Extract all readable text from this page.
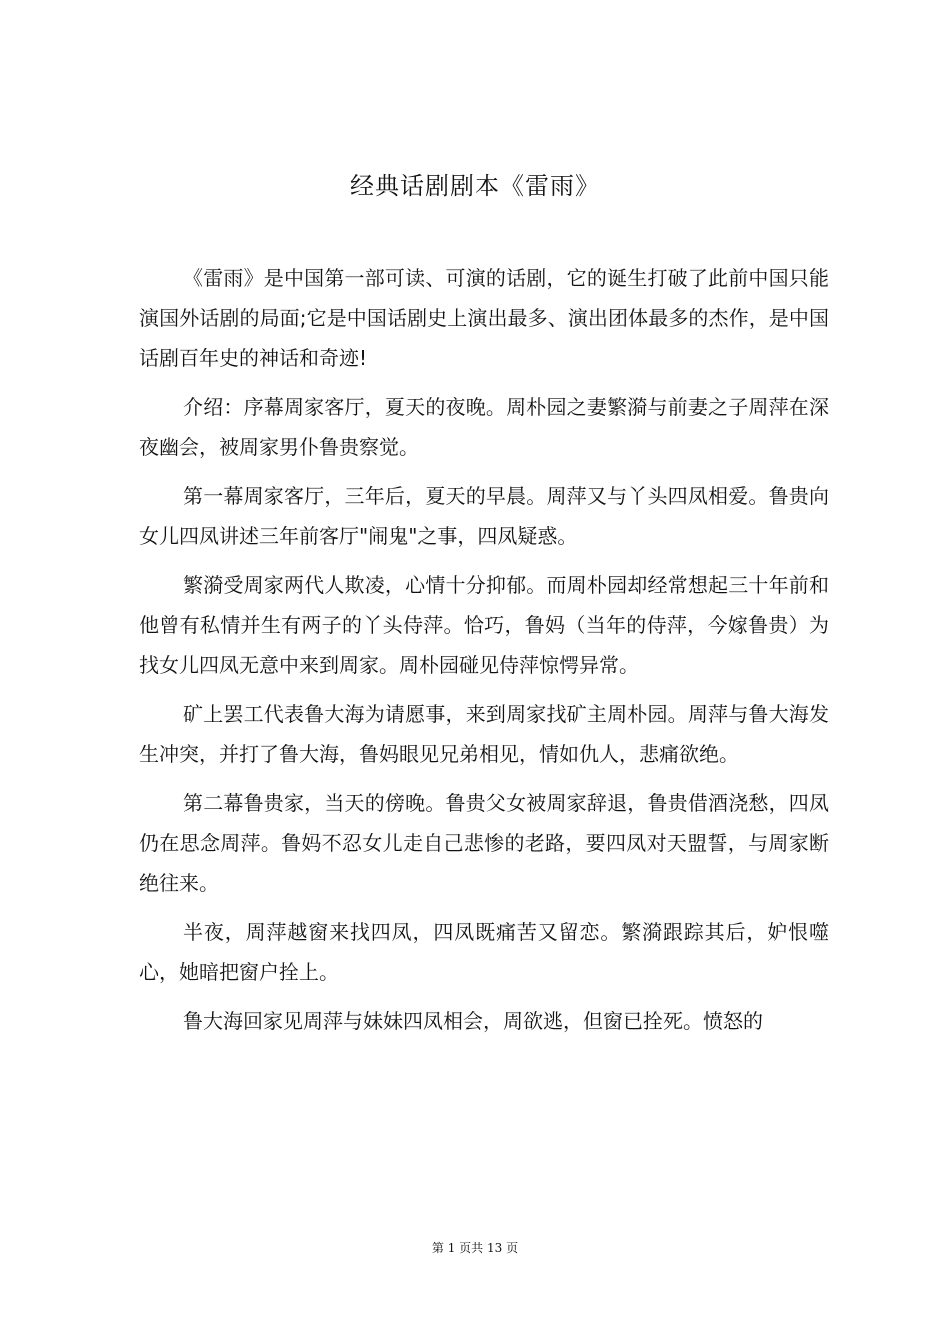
经典话剧剧本《雷雨》

《雷雨》是中国第一部可读、可演的话剧，它的诞生打破了此前中国只能演国外话剧的局面;它是中国话剧史上演出最多、演出团体最多的杰作，是中国话剧百年史的神话和奇迹!

介绍：序幕周家客厅，夏天的夜晚。周朴园之妻繁漪与前妻之子周萍在深夜幽会，被周家男仆鲁贵察觉。

第一幕周家客厅，三年后，夏天的早晨。周萍又与丫头四凤相爱。鲁贵向女儿四凤讲述三年前客厅"闹鬼"之事，四凤疑惑。

繁漪受周家两代人欺凌，心情十分抑郁。而周朴园却经常想起三十年前和他曾有私情并生有两子的丫头侍萍。恰巧，鲁妈（当年的侍萍，今嫁鲁贵）为找女儿四凤无意中来到周家。周朴园碰见侍萍惊愕异常。

矿上罢工代表鲁大海为请愿事，来到周家找矿主周朴园。周萍与鲁大海发生冲突，并打了鲁大海，鲁妈眼见兄弟相见，情如仇人，悲痛欲绝。

第二幕鲁贵家，当天的傍晚。鲁贵父女被周家辞退，鲁贵借酒浇愁，四凤仍在思念周萍。鲁妈不忍女儿走自己悲惨的老路，要四凤对天盟誓，与周家断绝往来。

半夜，周萍越窗来找四凤，四凤既痛苦又留恋。繁漪跟踪其后，妒恨噬心，她暗把窗户拴上。

鲁大海回家见周萍与妹妹四凤相会，周欲逃，但窗已拴死。愤怒的

第 1 页共 13 页
